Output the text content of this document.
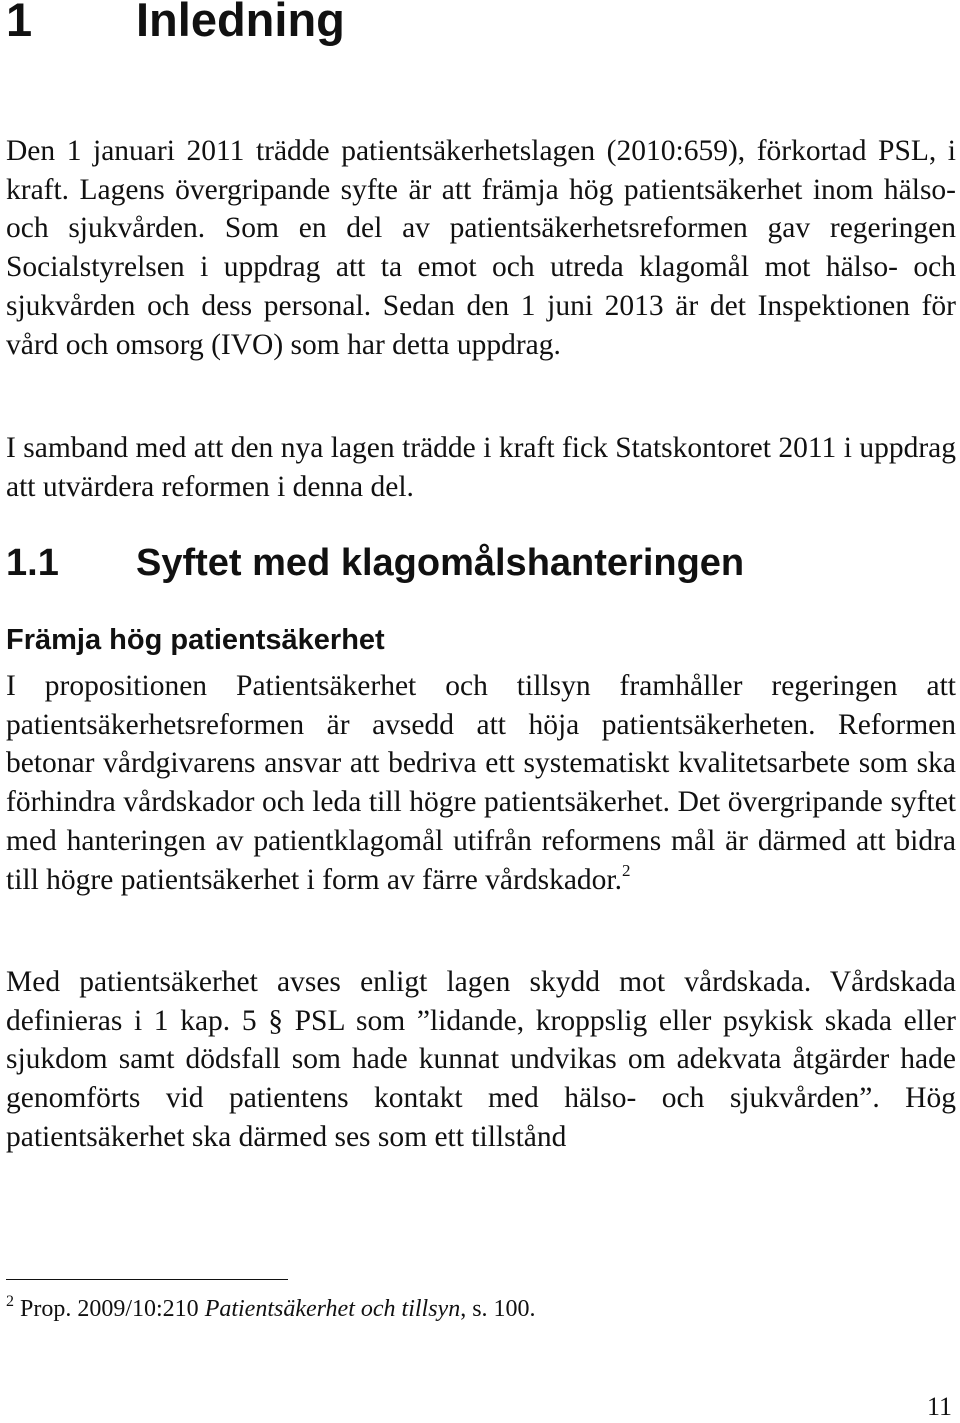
1 Inledning

Den 1 januari 2011 trädde patientsäkerhetslagen (2010:659), förkortad PSL, i kraft. Lagens övergripande syfte är att främja hög patientsäkerhet inom hälso- och sjukvården. Som en del av patientsäkerhetsreformen gav regeringen Socialstyrelsen i uppdrag att ta emot och utreda klagomål mot hälso- och sjukvården och dess personal. Sedan den 1 juni 2013 är det Inspektionen för vård och omsorg (IVO) som har detta uppdrag.

I samband med att den nya lagen trädde i kraft fick Statskontoret 2011 i uppdrag att utvärdera reformen i denna del.

1.1 Syftet med klagomålshanteringen
Främja hög patientsäkerhet

I propositionen Patientsäkerhet och tillsyn framhåller regeringen att patientsäkerhetsreformen är avsedd att höja patientsäkerheten. Reformen betonar vårdgivarens ansvar att bedriva ett systematiskt kvalitetsarbete som ska förhindra vårdskador och leda till högre patientsäkerhet. Det övergripande syftet med hanteringen av patientklagomål utifrån reformens mål är därmed att bidra till högre patientsäkerhet i form av färre vårdskador.$^2$

Med patientsäkerhet avses enligt lagen skydd mot vårdskada. Vårdskada definieras i 1 kap. 5 § PSL som ”lidande, kroppslig eller psykisk skada eller sjukdom samt dödsfall som hade kunnat undvikas om adekvata åtgärder hade genomförts vid patientens kontakt med hälso- och sjukvården”. Hög patientsäkerhet ska därmed ses som ett tillstånd

$^2$ Prop. 2009/10:210 Patientsäkerhet och tillsyn, s. 100.

11
